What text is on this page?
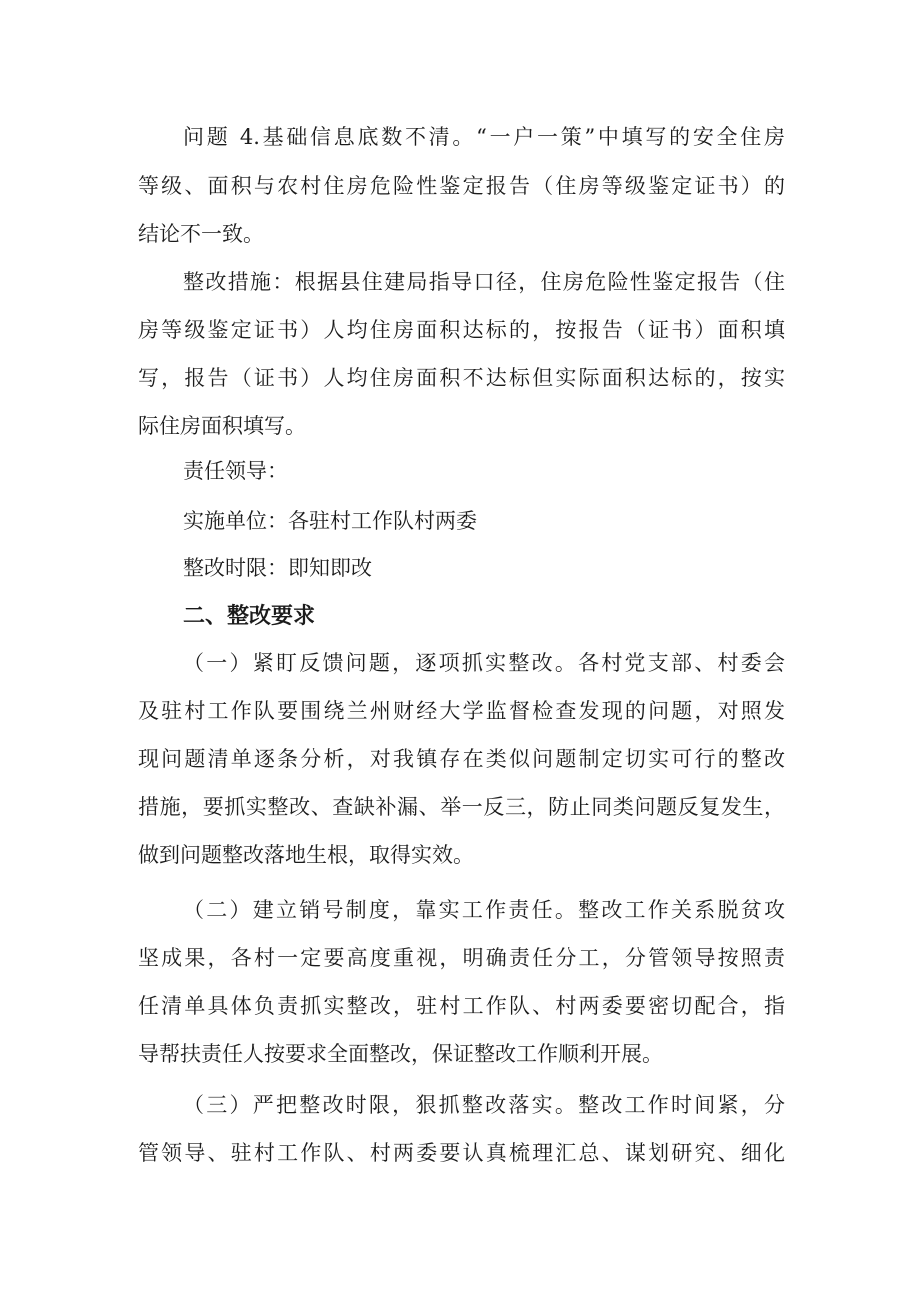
问题 4.基础信息底数不清。“一户一策”中填写的安全住房
等级、面积与农村住房危险性鉴定报告（住房等级鉴定证书）的
结论不一致。
整改措施：根据县住建局指导口径，住房危险性鉴定报告（住
房等级鉴定证书）人均住房面积达标的，按报告（证书）面积填
写，报告（证书）人均住房面积不达标但实际面积达标的，按实
际住房面积填写。
责任领导：
实施单位：各驻村工作队村两委
整改时限：即知即改
二、整改要求
（一）紧盯反馈问题，逐项抓实整改。各村党支部、村委会
及驻村工作队要围绕兰州财经大学监督检查发现的问题，对照发
现问题清单逐条分析，对我镇存在类似问题制定切实可行的整改
措施，要抓实整改、查缺补漏、举一反三，防止同类问题反复发生，
做到问题整改落地生根，取得实效。
（二）建立销号制度，靠实工作责任。整改工作关系脱贫攻
坚成果，各村一定要高度重视，明确责任分工，分管领导按照责
任清单具体负责抓实整改，驻村工作队、村两委要密切配合，指
导帮扶责任人按要求全面整改，保证整改工作顺利开展。
（三）严把整改时限，狠抓整改落实。整改工作时间紧，分
管领导、驻村工作队、村两委要认真梳理汇总、谋划研究、细化
